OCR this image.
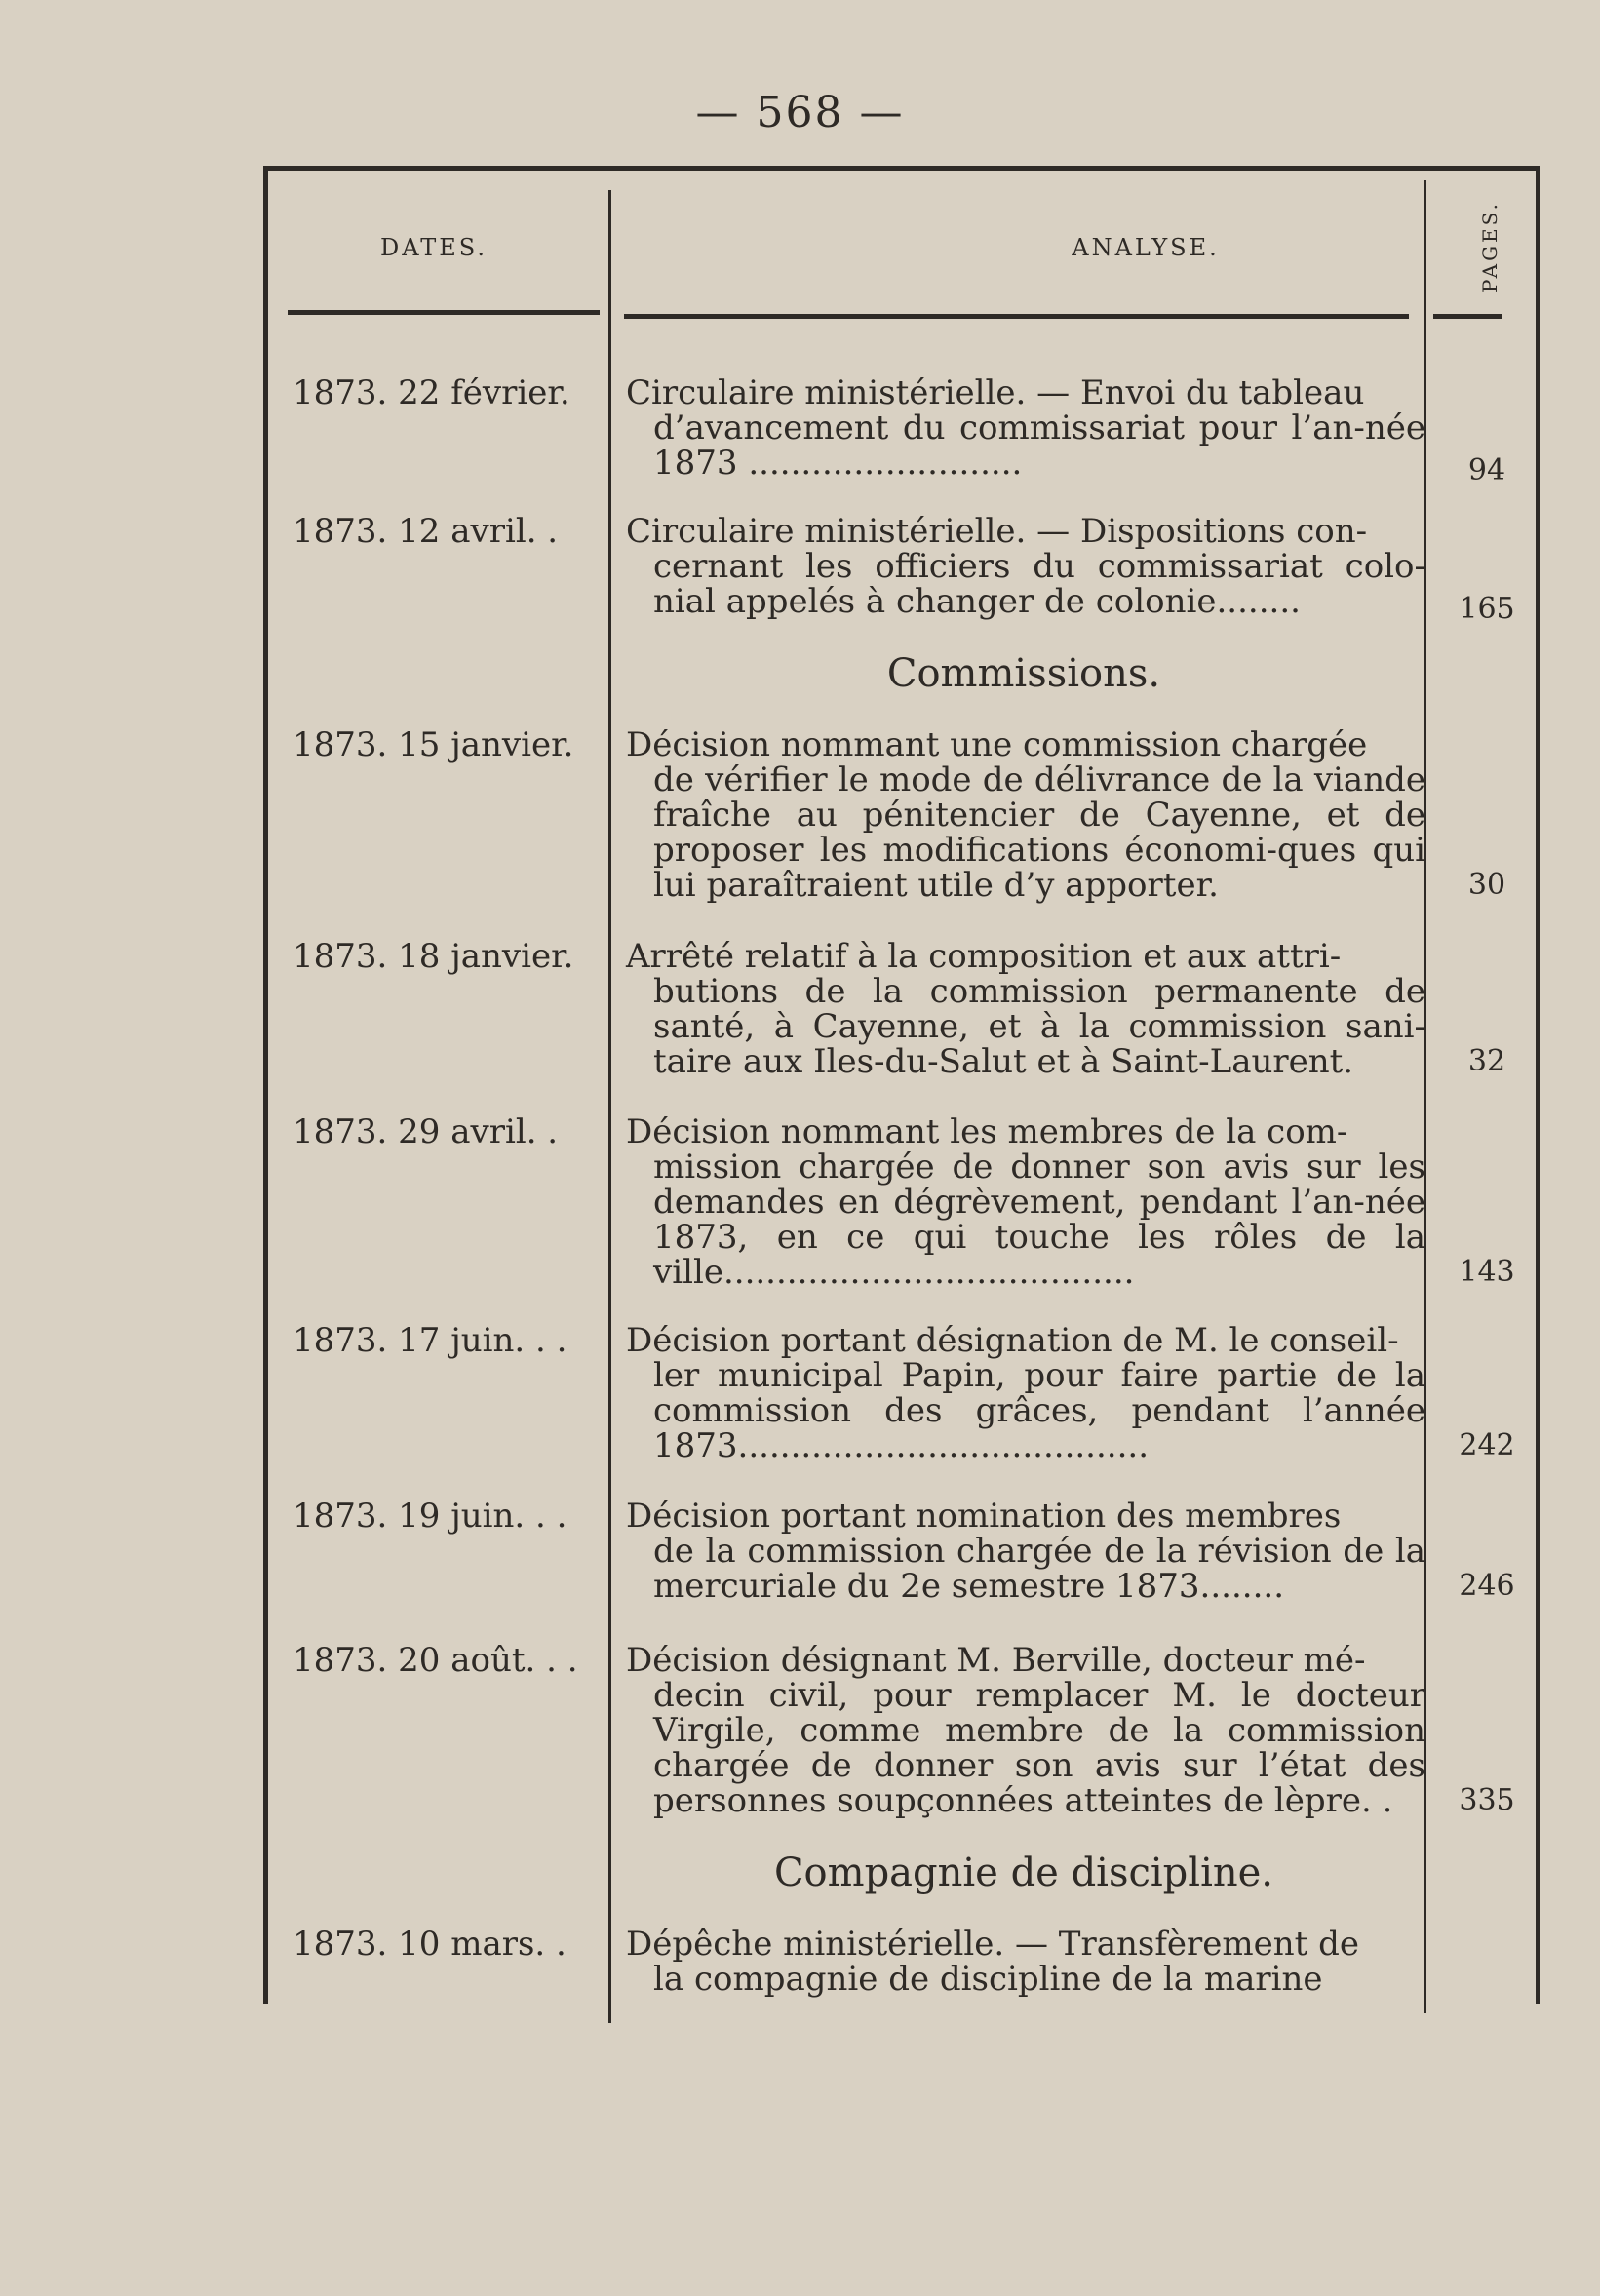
— 568 —
DATES.	ANALYSE.	PAGES.
1873. 22 février. Circulaire ministérielle. — Envoi du tableau
d’avancement du commissariat pour l’an-née 1873 ..........................	94
1873. 12 avril. . Circulaire ministérielle. — Dispositions con-
cernant les officiers du commissariat colo-nial appelés à changer de colonie........	165
Commissions.
1873. 15 janvier. Décision nommant une commission chargée
de vérifier le mode de délivrance de la viande fraîche au pénitencier de Cayenne, et de proposer les modifications économi-ques qui lui paraîtraient utile d’y apporter.	30
1873. 18 janvier. Arrêté relatif à la composition et aux attri-
butions de la commission permanente de santé, à Cayenne, et à la commission sani-taire aux Iles-du-Salut et à Saint-Laurent.	32
1873. 29 avril. . Décision nommant les membres de la com-
mission chargée de donner son avis sur les demandes en dégrèvement, pendant l’an-née 1873, en ce qui touche les rôles de la ville.......................................	143
1873. 17 juin. . . Décision portant désignation de M. le conseil-
ler municipal Papin, pour faire partie de la commission des grâces, pendant l’année 1873.......................................	242
1873. 19 juin. . . Décision portant nomination des membres
de la commission chargée de la révision de la mercuriale du 2e semestre 1873........	246
1873. 20 août. . . Décision désignant M. Berville, docteur mé-
decin civil, pour remplacer M. le docteur Virgile, comme membre de la commission chargée de donner son avis sur l’état des personnes soupçonnées atteintes de lèpre. .	335
Compagnie de discipline.
1873. 10 mars. . Dépêche ministérielle. — Transfèrement de
la compagnie de discipline de la marine
